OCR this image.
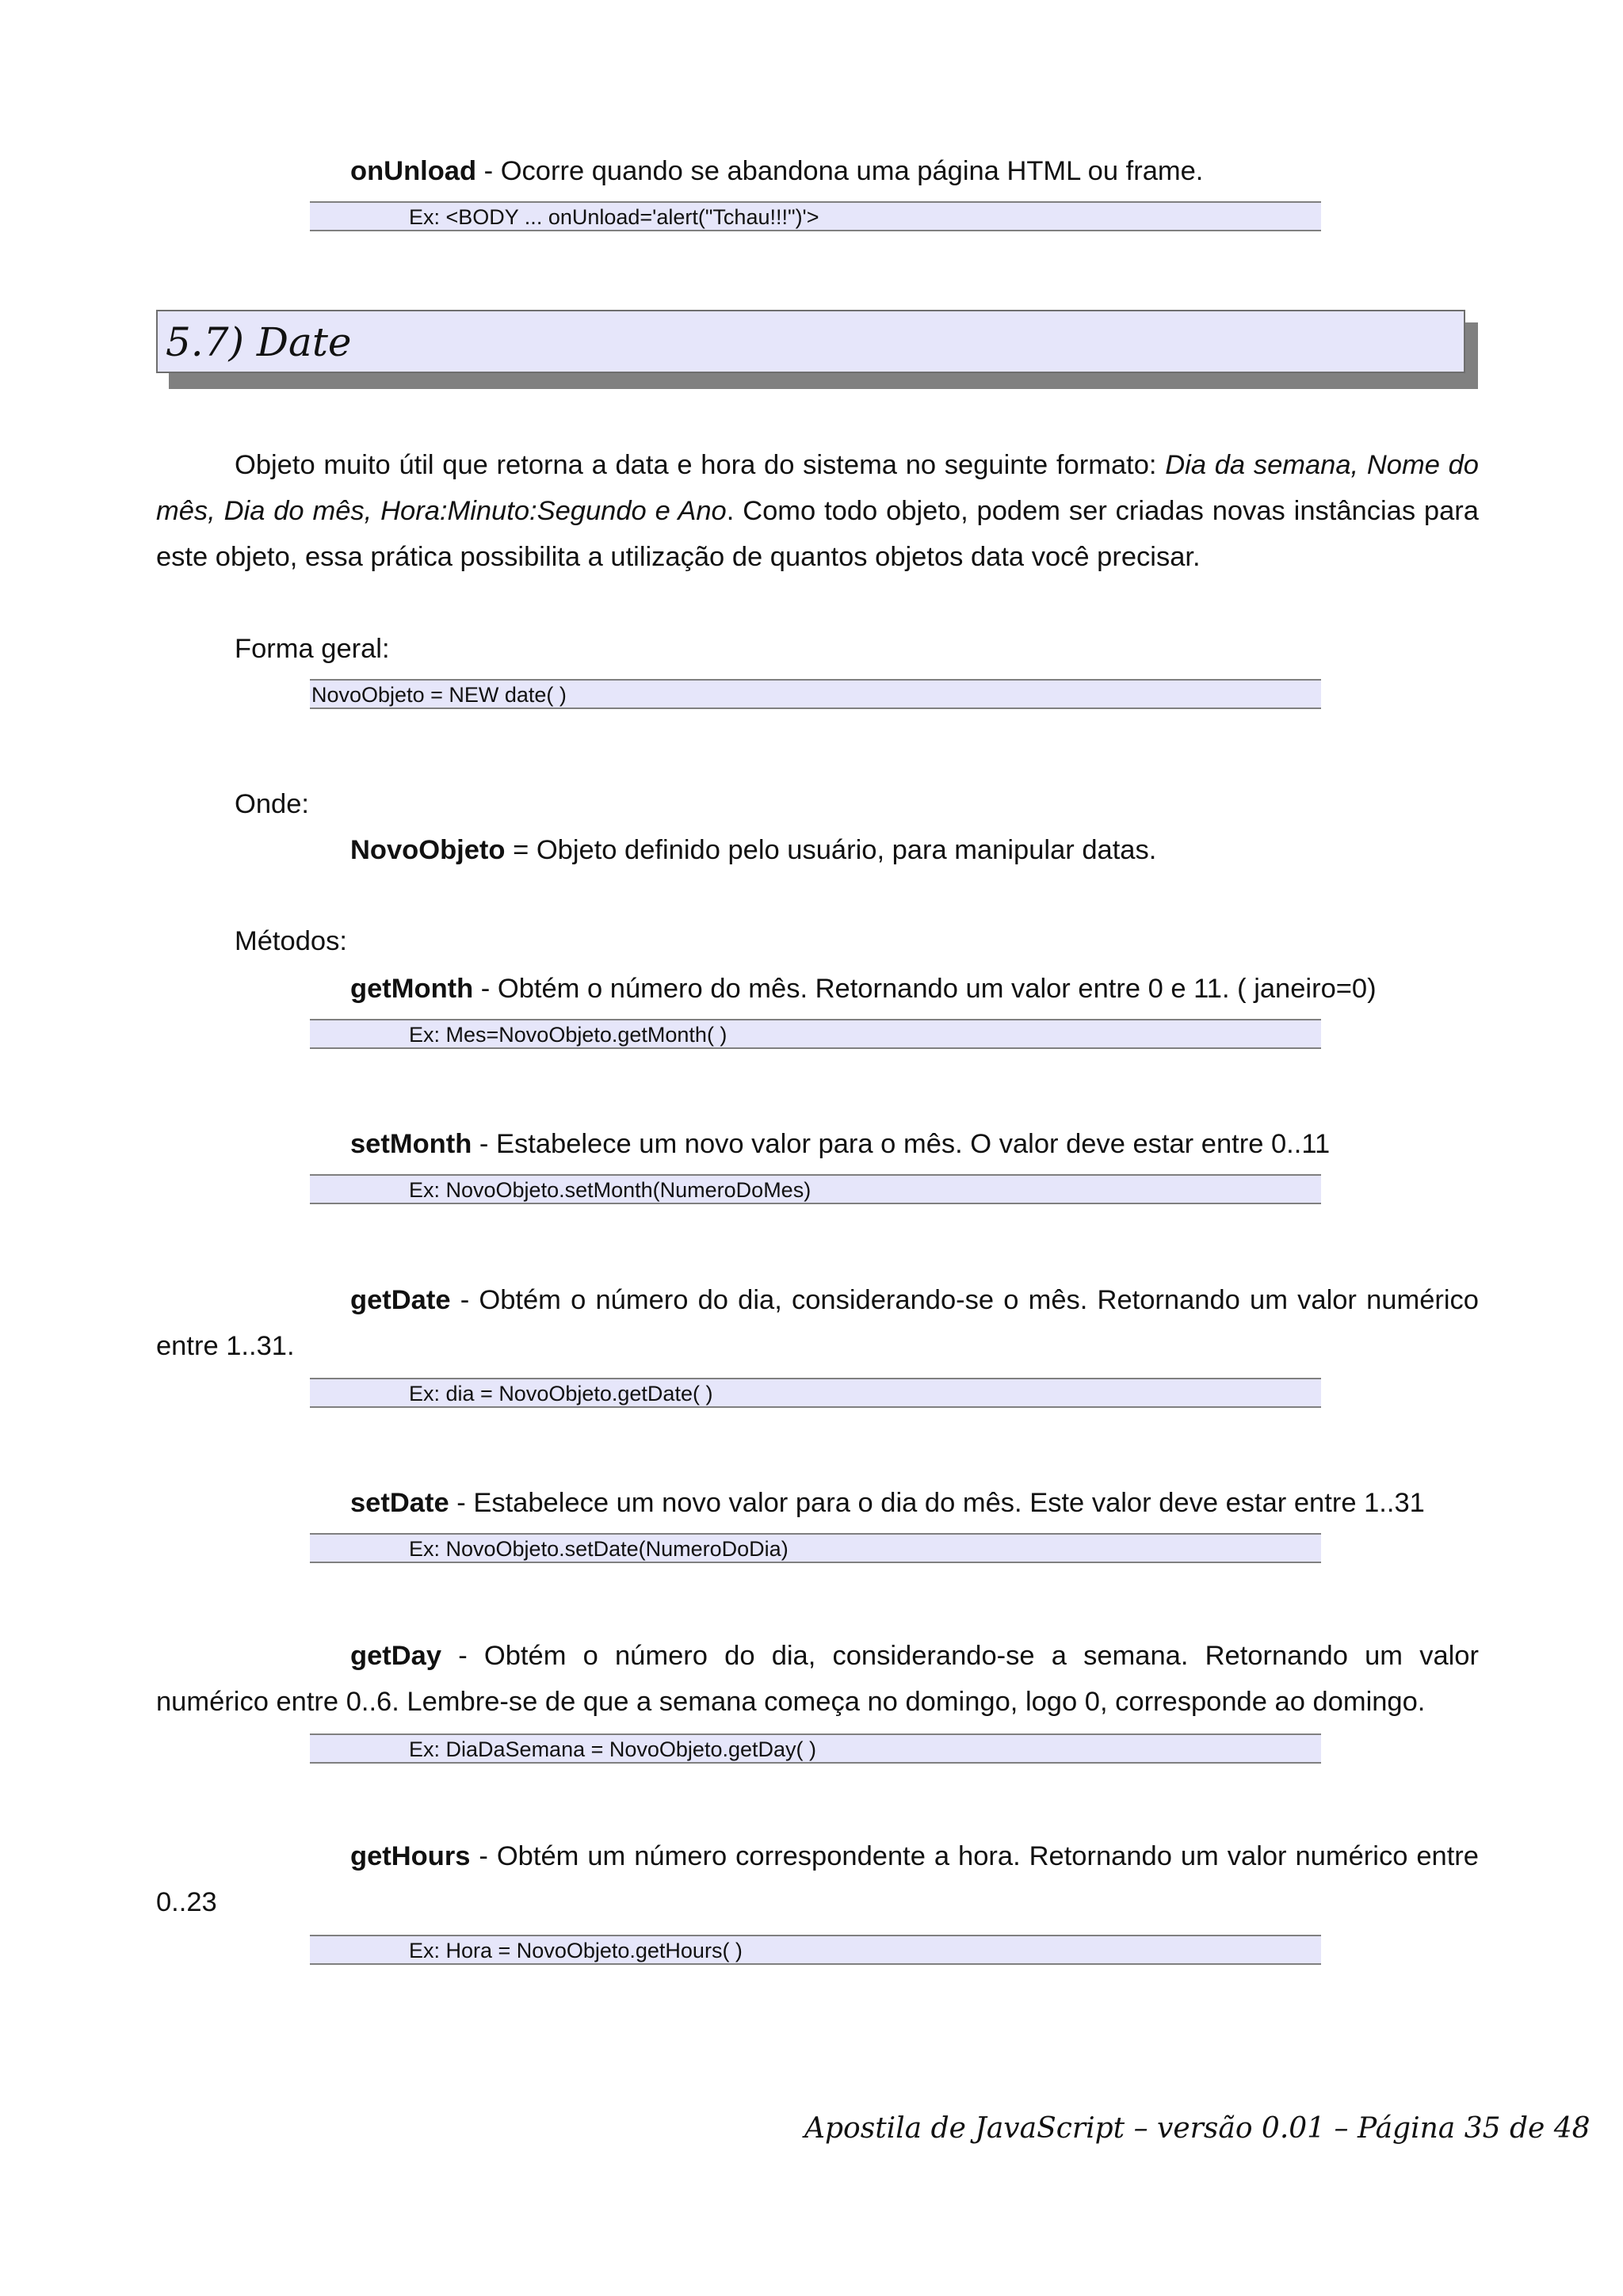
onUnload - Ocorre quando se abandona uma página HTML ou frame.
Ex: <BODY ... onUnload='alert("Tchau!!!")'>
5.7) Date
Objeto muito útil que retorna a data e hora do sistema no seguinte formato: Dia da semana, Nome do
mês, Dia do mês, Hora:Minuto:Segundo e Ano. Como todo objeto, podem ser criadas novas instâncias para
este objeto, essa prática possibilita a utilização de quantos objetos data você precisar.
Forma geral:
NovoObjeto = NEW date( )
Onde:
NovoObjeto = Objeto definido pelo usuário, para manipular datas.
Métodos:
getMonth - Obtém o número do mês. Retornando um valor entre 0 e 11. ( janeiro=0)
Ex: Mes=NovoObjeto.getMonth( )
setMonth - Estabelece um novo valor para o mês. O valor deve estar entre 0..11
Ex: NovoObjeto.setMonth(NumeroDoMes)
getDate - Obtém o número do dia, considerando-se o mês. Retornando um valor numérico
entre 1..31.
Ex: dia = NovoObjeto.getDate( )
setDate - Estabelece um novo valor para o dia do mês. Este valor deve estar entre 1..31
Ex: NovoObjeto.setDate(NumeroDoDia)
getDay - Obtém o número do dia, considerando-se a semana. Retornando um valor
numérico entre 0..6. Lembre-se de que a semana começa no domingo, logo 0, corresponde ao domingo.
Ex: DiaDaSemana = NovoObjeto.getDay( )
getHours - Obtém um número correspondente a hora. Retornando um valor numérico entre
0..23
Ex: Hora = NovoObjeto.getHours( )
Apostila de JavaScript – versão 0.01 – Página 35 de 48
